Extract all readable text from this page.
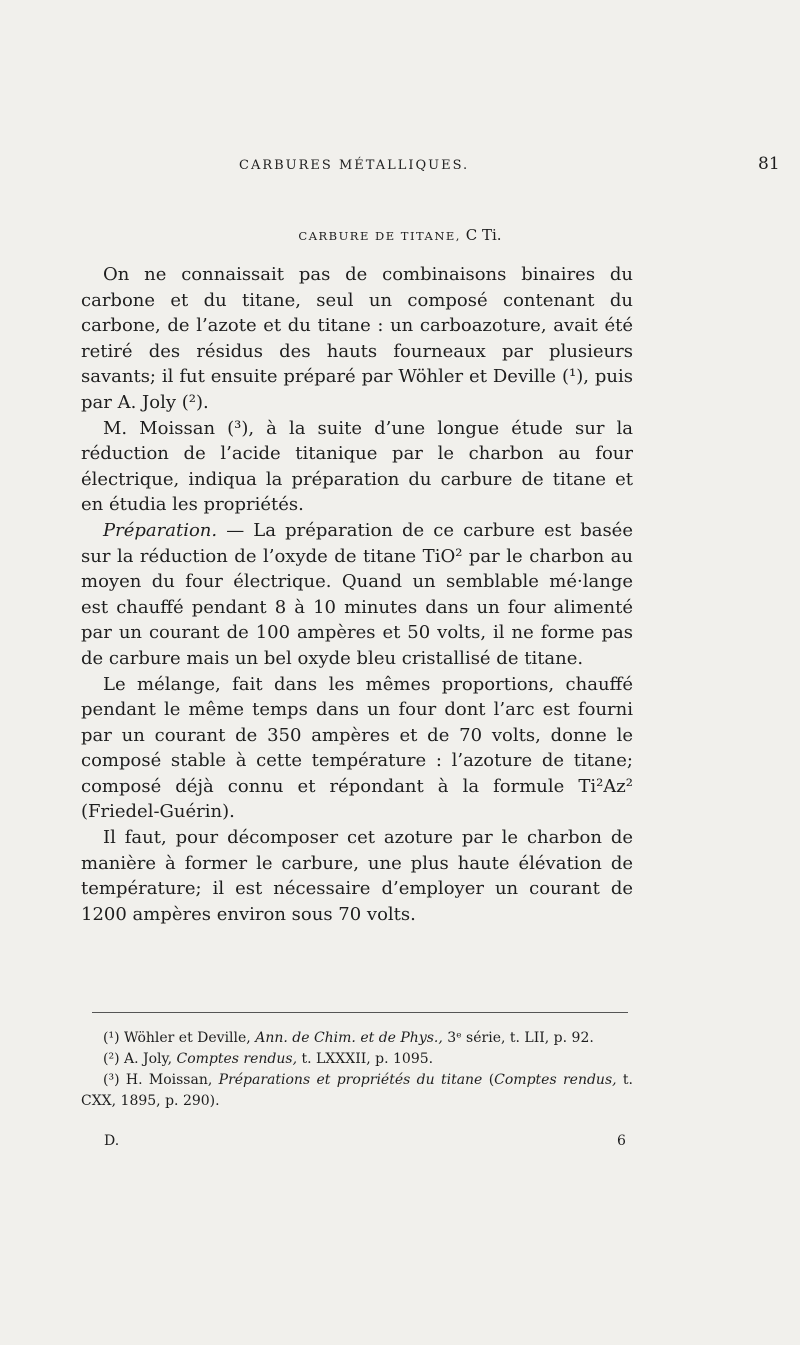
CARBURES MÉTALLIQUES.	81
CARBURE DE TITANE, C Ti.

On ne connaissait pas de combinaisons binaires du carbone et du titane, seul un composé contenant du carbone, de l’azote et du titane : un carboazoture, avait été retiré des résidus des hauts fourneaux par plusieurs savants; il fut ensuite préparé par Wöhler et Deville (¹), puis par A. Joly (²).

M. Moissan (³), à la suite d’une longue étude sur la réduction de l’acide titanique par le charbon au four électrique, indiqua la préparation du carbure de titane et en étudia les propriétés.

Préparation. — La préparation de ce carbure est basée sur la réduction de l’oxyde de titane TiO² par le charbon au moyen du four électrique. Quand un semblable mé·lange est chauffé pendant 8 à 10 minutes dans un four alimenté par un courant de 100 ampères et 50 volts, il ne forme pas de carbure mais un bel oxyde bleu cristallisé de titane.

Le mélange, fait dans les mêmes proportions, chauffé pendant le même temps dans un four dont l’arc est fourni par un courant de 350 ampères et de 70 volts, donne le composé stable à cette température : l’azoture de titane; composé déjà connu et répondant à la formule Ti²Az² (Friedel-Guérin).

Il faut, pour décomposer cet azoture par le charbon de manière à former le carbure, une plus haute élévation de température; il est nécessaire d’employer un courant de 1200 ampères environ sous 70 volts.

(¹) Wöhler et Deville, Ann. de Chim. et de Phys., 3ᵉ série, t. LII, p. 92.

(²) A. Joly, Comptes rendus, t. LXXXII, p. 1095.

(³) H. Moissan, Préparations et propriétés du titane (Comptes rendus, t. CXX, 1895, p. 290).

D.	6
